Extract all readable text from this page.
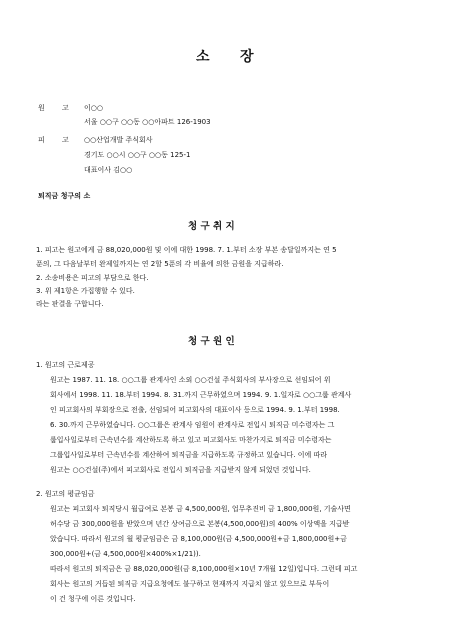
소 장
원 고 이○○
서울 ○○구 ○○동 ○○아파트 126-1903
피 고 ○○산업개발 주식회사
경기도 ○○시 ○○구 ○○동 125-1
대표이사 김○○
퇴직금 청구의 소
청 구 취 지
1. 피고는 원고에게 금 88,020,000원 및 이에 대한 1998. 7. 1.부터 소장 부본 송달일까지는 연 5
푼의, 그 다음날부터 완제일까지는 연 2할 5푼의 각 비율에 의한 금원을 지급하라.
2. 소송비용은 피고의 부담으로 한다.
3. 위 제1항은 가집행할 수 있다.
라는 판결을 구합니다.
청 구 원 인
1. 원고의 근로제공
원고는 1987. 11. 18. ○○그룹 관계사인 소외 ○○건설 주식회사의 부사장으로 선임되어 위
회사에서 1998. 11. 18.부터 1994. 8. 31.까지 근무하였으며 1994. 9. 1.일자로 ○○그룹 관계사
인 피고회사의 부회장으로 전출, 선임되어 피고회사의 대표이사 등으로 1994. 9. 1.부터 1998.
6. 30.까지 근무하였습니다. ○○그룹은 관계사 임원이 관계사로 전입시 퇴직금 미수령자는 그
룹입사일로부터 근속년수를 계산하도록 하고 있고 피고회사도 마찬가지로 퇴직금 미수령자는
그룹입사일로부터 근속년수를 계산하여 퇴직금을 지급하도록 규정하고 있습니다. 이에 따라
원고는 ○○건설(주)에서 피고회사로 전입시 퇴직금을 지급받지 않게 되었던 것입니다.
2. 원고의 평균임금
원고는 피고회사 퇴직당시 월급여로 본봉 금 4,500,000원, 업무추진비 금 1,800,000원, 기술사면
허수당 금 300,000원을 받았으며 년간 상여금으로 본봉(4,500,000원)의 400% 이상액을 지급받
았습니다. 따라서 원고의 월 평균임금은 금 8,100,000원(금 4,500,000원+금 1,800,000원+금
300,000원+(금 4,500,000원×400%×1/21)).
따라서 원고의 퇴직금은 금 88,020,000원(금 8,100,000원×10년 7개월 12일)입니다. 그런데 피고
회사는 원고의 거듭된 퇴직금 지급요청에도 불구하고 현재까지 지급치 않고 있으므로 부득이
이 건 청구에 이른 것입니다.
